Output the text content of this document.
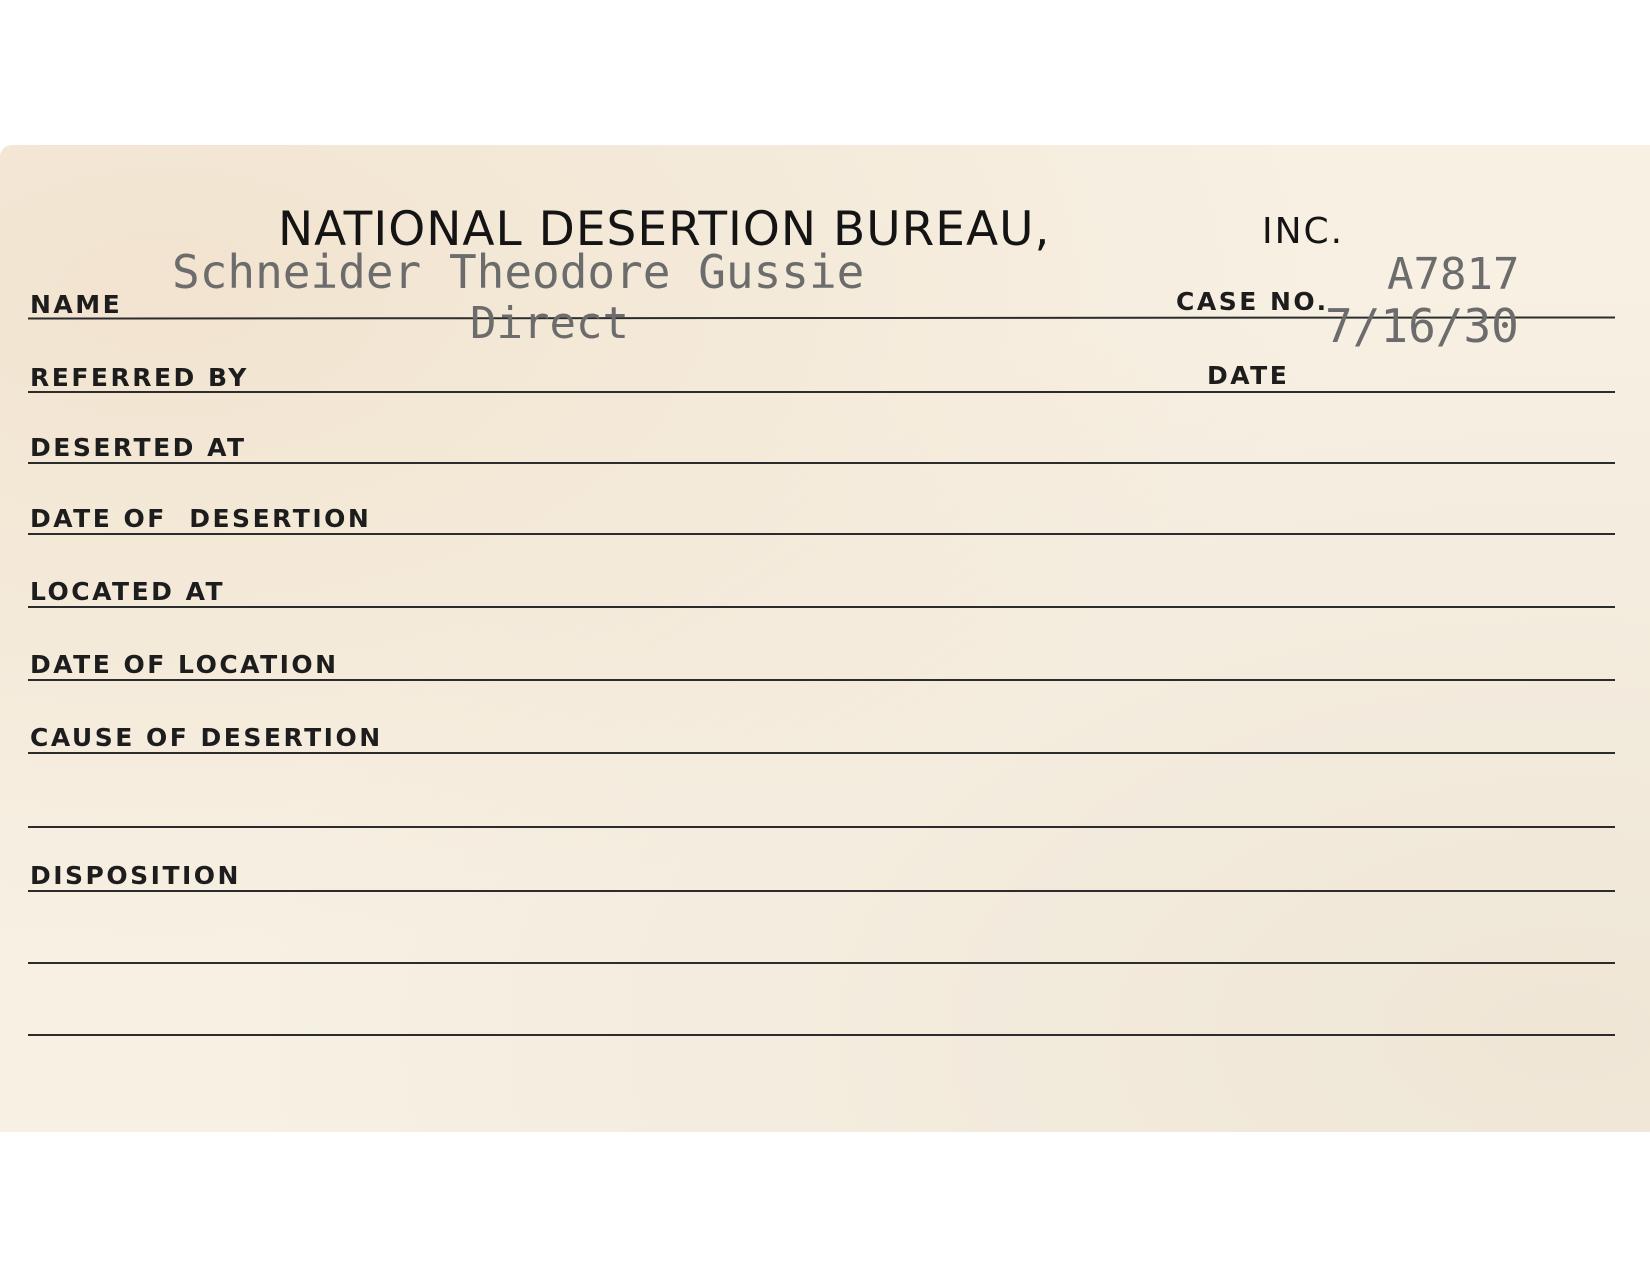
NATIONAL DESERTION BUREAU,	INC.
NAME
Schneider Theodore Gussie
CASE NO.
A7817
Direct
REFERRED BY	DATE
7/16/30
DESERTED AT
DATE OF  DESERTION
LOCATED AT
DATE OF LOCATION
CAUSE OF DESERTION
DISPOSITION
